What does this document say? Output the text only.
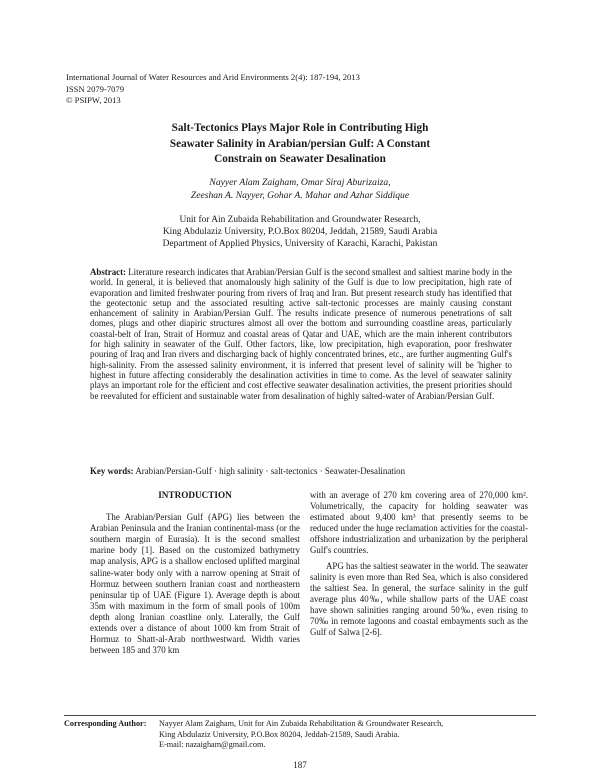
International Journal of Water Resources and Arid Environments 2(4): 187-194, 2013
ISSN 2079-7079
© PSIPW, 2013
Salt-Tectonics Plays Major Role in Contributing High
Seawater Salinity in Arabian/persian Gulf: A Constant
Constrain on Seawater Desalination
Nayyer Alam Zaigham, Omar Siraj Aburizaiza,
Zeeshan A. Nayyer, Gohar A. Mahar and Azhar Siddique
Unit for Ain Zubaida Rehabilitation and Groundwater Research,
King Abdulaziz University, P.O.Box 80204, Jeddah, 21589, Saudi Arabia
Department of Applied Physics, University of Karachi, Karachi, Pakistan
Abstract: Literature research indicates that Arabian/Persian Gulf is the second smallest and saltiest marine body in the world. In general, it is believed that anomalously high salinity of the Gulf is due to low precipitation, high rate of evaporation and limited freshwater pouring from rivers of Iraq and Iran. But present research study has identified that the geotectonic setup and the associated resulting active salt-tectonic processes are mainly causing constant enhancement of salinity in Arabian/Persian Gulf. The results indicate presence of numerous penetrations of salt domes, plugs and other diapiric structures almost all over the bottom and surrounding coastline areas, particularly coastal-belt of Iran, Strait of Hormuz and coastal areas of Qatar and UAE, which are the main inherent contributors for high salinity in seawater of the Gulf. Other factors, like, low precipitation, high evaporation, poor freshwater pouring of Iraq and Iran rivers and discharging back of highly concentrated brines, etc., are further augmenting Gulf's high-salinity. From the assessed salinity environment, it is inferred that present level of salinity will be 'higher to highest in future affecting considerably the desalination activities in time to come. As the level of seawater salinity plays an important role for the efficient and cost effective seawater desalination activities, the present priorities should be reevaluted for efficient and sustainable water from desalination of highly salted-water of Arabian/Persian Gulf.
Key words: Arabian/Persian-Gulf · high salinity · salt-tectonics · Seawater-Desalination
INTRODUCTION

The Arabian/Persian Gulf (APG) lies between the Arabian Peninsula and the Iranian continental-mass (or the southern margin of Eurasia). It is the second smallest marine body [1]. Based on the customized bathymetry map analysis, APG is a shallow enclosed uplifted marginal saline-water body only with a narrow opening at Strait of Hormuz between southern Iranian coast and northeastern peninsular tip of UAE (Figure 1). Average depth is about 35m with maximum in the form of small pools of 100m depth along Iranian coastline only. Laterally, the Gulf extends over a distance of about 1000 km from Strait of Hormuz to Shatt-al-Arab northwestward. Width varies between 185 and 370 km

with an average of 270 km covering area of 270,000 km². Volumetrically, the capacity for holding seawater was estimated about 9,400 km³ that presently seems to be reduced under the huge reclamation activities for the coastal-offshore industrialization and urbanization by the peripheral Gulf's countries.

APG has the saltiest seawater in the world. The seawater salinity is even more than Red Sea, which is also considered the saltiest Sea. In general, the surface salinity in the gulf average plus 40‰, while shallow parts of the UAE coast have shown salinities ranging around 50‰, even rising to 70‰ in remote lagoons and coastal embayments such as the Gulf of Salwa [2-6].

Corresponding Author: Nayyer Alam Zaigham, Unit for Ain Zubaida Rehabilitation & Groundwater Research,
King Abdulaziz University, P.O.Box 80204, Jeddah-21589, Saudi Arabia.
E-mail: nazaigham@gmail.com.
187
